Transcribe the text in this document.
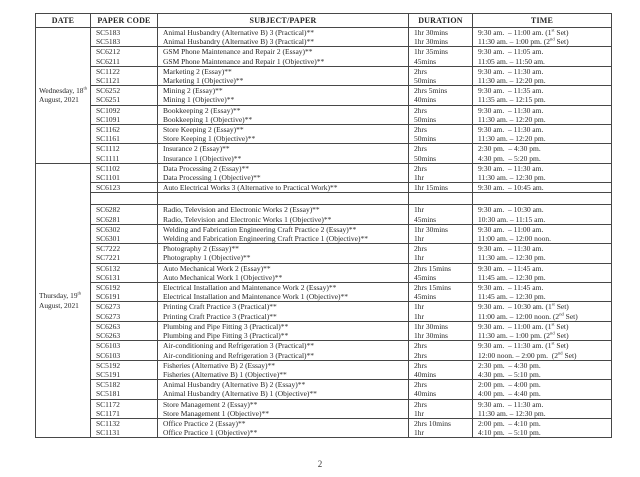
DATE	PAPER CODE	SUBJECT/PAPER	DURATION	TIME
Wednesday, 18th
August, 2021	SC5183	Animal Husbandry (Alternative B) 3 (Practical)**	1hr 30mins	9:30 am.  – 11:00 am. (1st Set)
	SC5183	Animal Husbandry (Alternative B) 3 (Practical)**	1hr 30mins	11:30 am. – 1:00 pm. (2nd Set)
	SC6212	GSM Phone Maintenance and Repair 2 (Essay)**	1hr 35mins	9:30 am.  – 11:05 am.
	SC6211	GSM Phone Maintenance and Repair 1 (Objective)**	45mins	11:05 am. – 11:50 am.
	SC1122	Marketing 2 (Essay)**	2hrs	9:30 am.  – 11:30 am.
	SC1121	Marketing 1 (Objective)**	50mins	11:30 am. – 12:20 pm.
	SC6252	Mining 2 (Essay)**	2hrs 5mins	9:30 am.  – 11:35 am.
	SC6251	Mining 1 (Objective)**	40mins	11:35 am. – 12:15 pm.
	SC1092	Bookkeeping 2 (Essay)**	2hrs	9:30 am.  – 11:30 am.
	SC1091	Bookkeeping 1 (Objective)**	50mins	11:30 am. – 12:20 pm.
	SC1162	Store Keeping 2 (Essay)**	2hrs	9:30 am.  – 11:30 am.
	SC1161	Store Keeping 1 (Objective)**	50mins	11:30 am. – 12:20 pm.
	SC1112	Insurance 2 (Essay)**	2hrs	2:30 pm.  – 4:30 pm.
	SC1111	Insurance 1 (Objective)**	50mins	4:30 pm.  – 5:20 pm.
Thursday, 19th
August, 2021	SC1102	Data Processing 2 (Essay)**	2hrs	9:30 am.  – 11:30 am.
	SC1101	Data Processing 1 (Objective)**	1hr	11:30 am. – 12:30 pm.
	SC6123	Auto Electrical Works 3 (Alternative to Practical Work)**	1hr 15mins	9:30 am.  – 10:45 am.

	SC6282	Radio, Television and Electronic Works 2 (Essay)**	1hr	9:30 am.  – 10:30 am.
	SC6281	Radio, Television and Electronic Works 1 (Objective)**	45mins	10:30 am. – 11:15 am.
	SC6302	Welding and Fabrication Engineering Craft Practice 2 (Essay)**	1hr 30mins	9:30 am.  – 11:00 am.
	SC6301	Welding and Fabrication Engineering Craft Practice 1 (Objective)**	1hr	11:00 am. – 12:00 noon.
	SC7222	Photography 2 (Essay)**	2hrs	9:30 am.  – 11:30 am.
	SC7221	Photography 1 (Objective)**	1hr	11:30 am. – 12:30 pm.
	SC6132	Auto Mechanical Work 2 (Essay)**	2hrs 15mins	9:30 am.  – 11:45 am.
	SC6131	Auto Mechanical Work 1 (Objective)**	45mins	11:45 am. – 12:30 pm.
	SC6192	Electrical Installation and Maintenance Work 2 (Essay)**	2hrs 15mins	9:30 am.  – 11:45 am.
	SC6191	Electrical Installation and Maintenance Work 1 (Objective)**	45mins	11:45 am. – 12:30 pm.
	SC6273	Printing Craft Practice 3 (Practical)**	1hr	9:30 am.  – 10:30 am. (1st Set)
	SC6273	Printing Craft Practice 3 (Practical)**	1hr	11:00 am. – 12:00 noon. (2nd Set)
	SC6263	Plumbing and Pipe Fitting 3 (Practical)**	1hr 30mins	9:30 am.  – 11:00 am. (1st Set)
	SC6263	Plumbing and Pipe Fitting 3 (Practical)**	1hr 30mins	11:30 am. – 1:00 pm. (2nd Set)
	SC6103	Air-conditioning and Refrigeration 3 (Practical)**	2hrs	9:30 am.  – 11:30 am. (1st Set)
	SC6103	Air-conditioning and Refrigeration 3 (Practical)**	2hrs	12:00 noon. – 2:00 pm.  (2nd Set)
	SC5192	Fisheries (Alternative B) 2 (Essay)**	2hrs	2:30 pm.  – 4:30 pm.
	SC5191	Fisheries (Alternative B) 1 (Objective)**	40mins	4:30 pm.  – 5:10 pm.
	SC5182	Animal Husbandry (Alternative B) 2 (Essay)**	2hrs	2:00 pm.  – 4:00 pm.
	SC5181	Animal Husbandry (Alternative B) 1 (Objective)**	40mins	4:00 pm.  – 4:40 pm.
	SC1172	Store Management 2 (Essay)**	2hrs	9:30 am.  – 11:30 am.
	SC1171	Store Management 1 (Objective)**	1hr	11:30 am. – 12:30 pm.
	SC1132	Office Practice 2 (Essay)**	2hrs 10mins	2:00 pm.  – 4:10 pm.
	SC1131	Office Practice 1 (Objective)**	1hr	4:10 pm.  – 5:10 pm.
2
